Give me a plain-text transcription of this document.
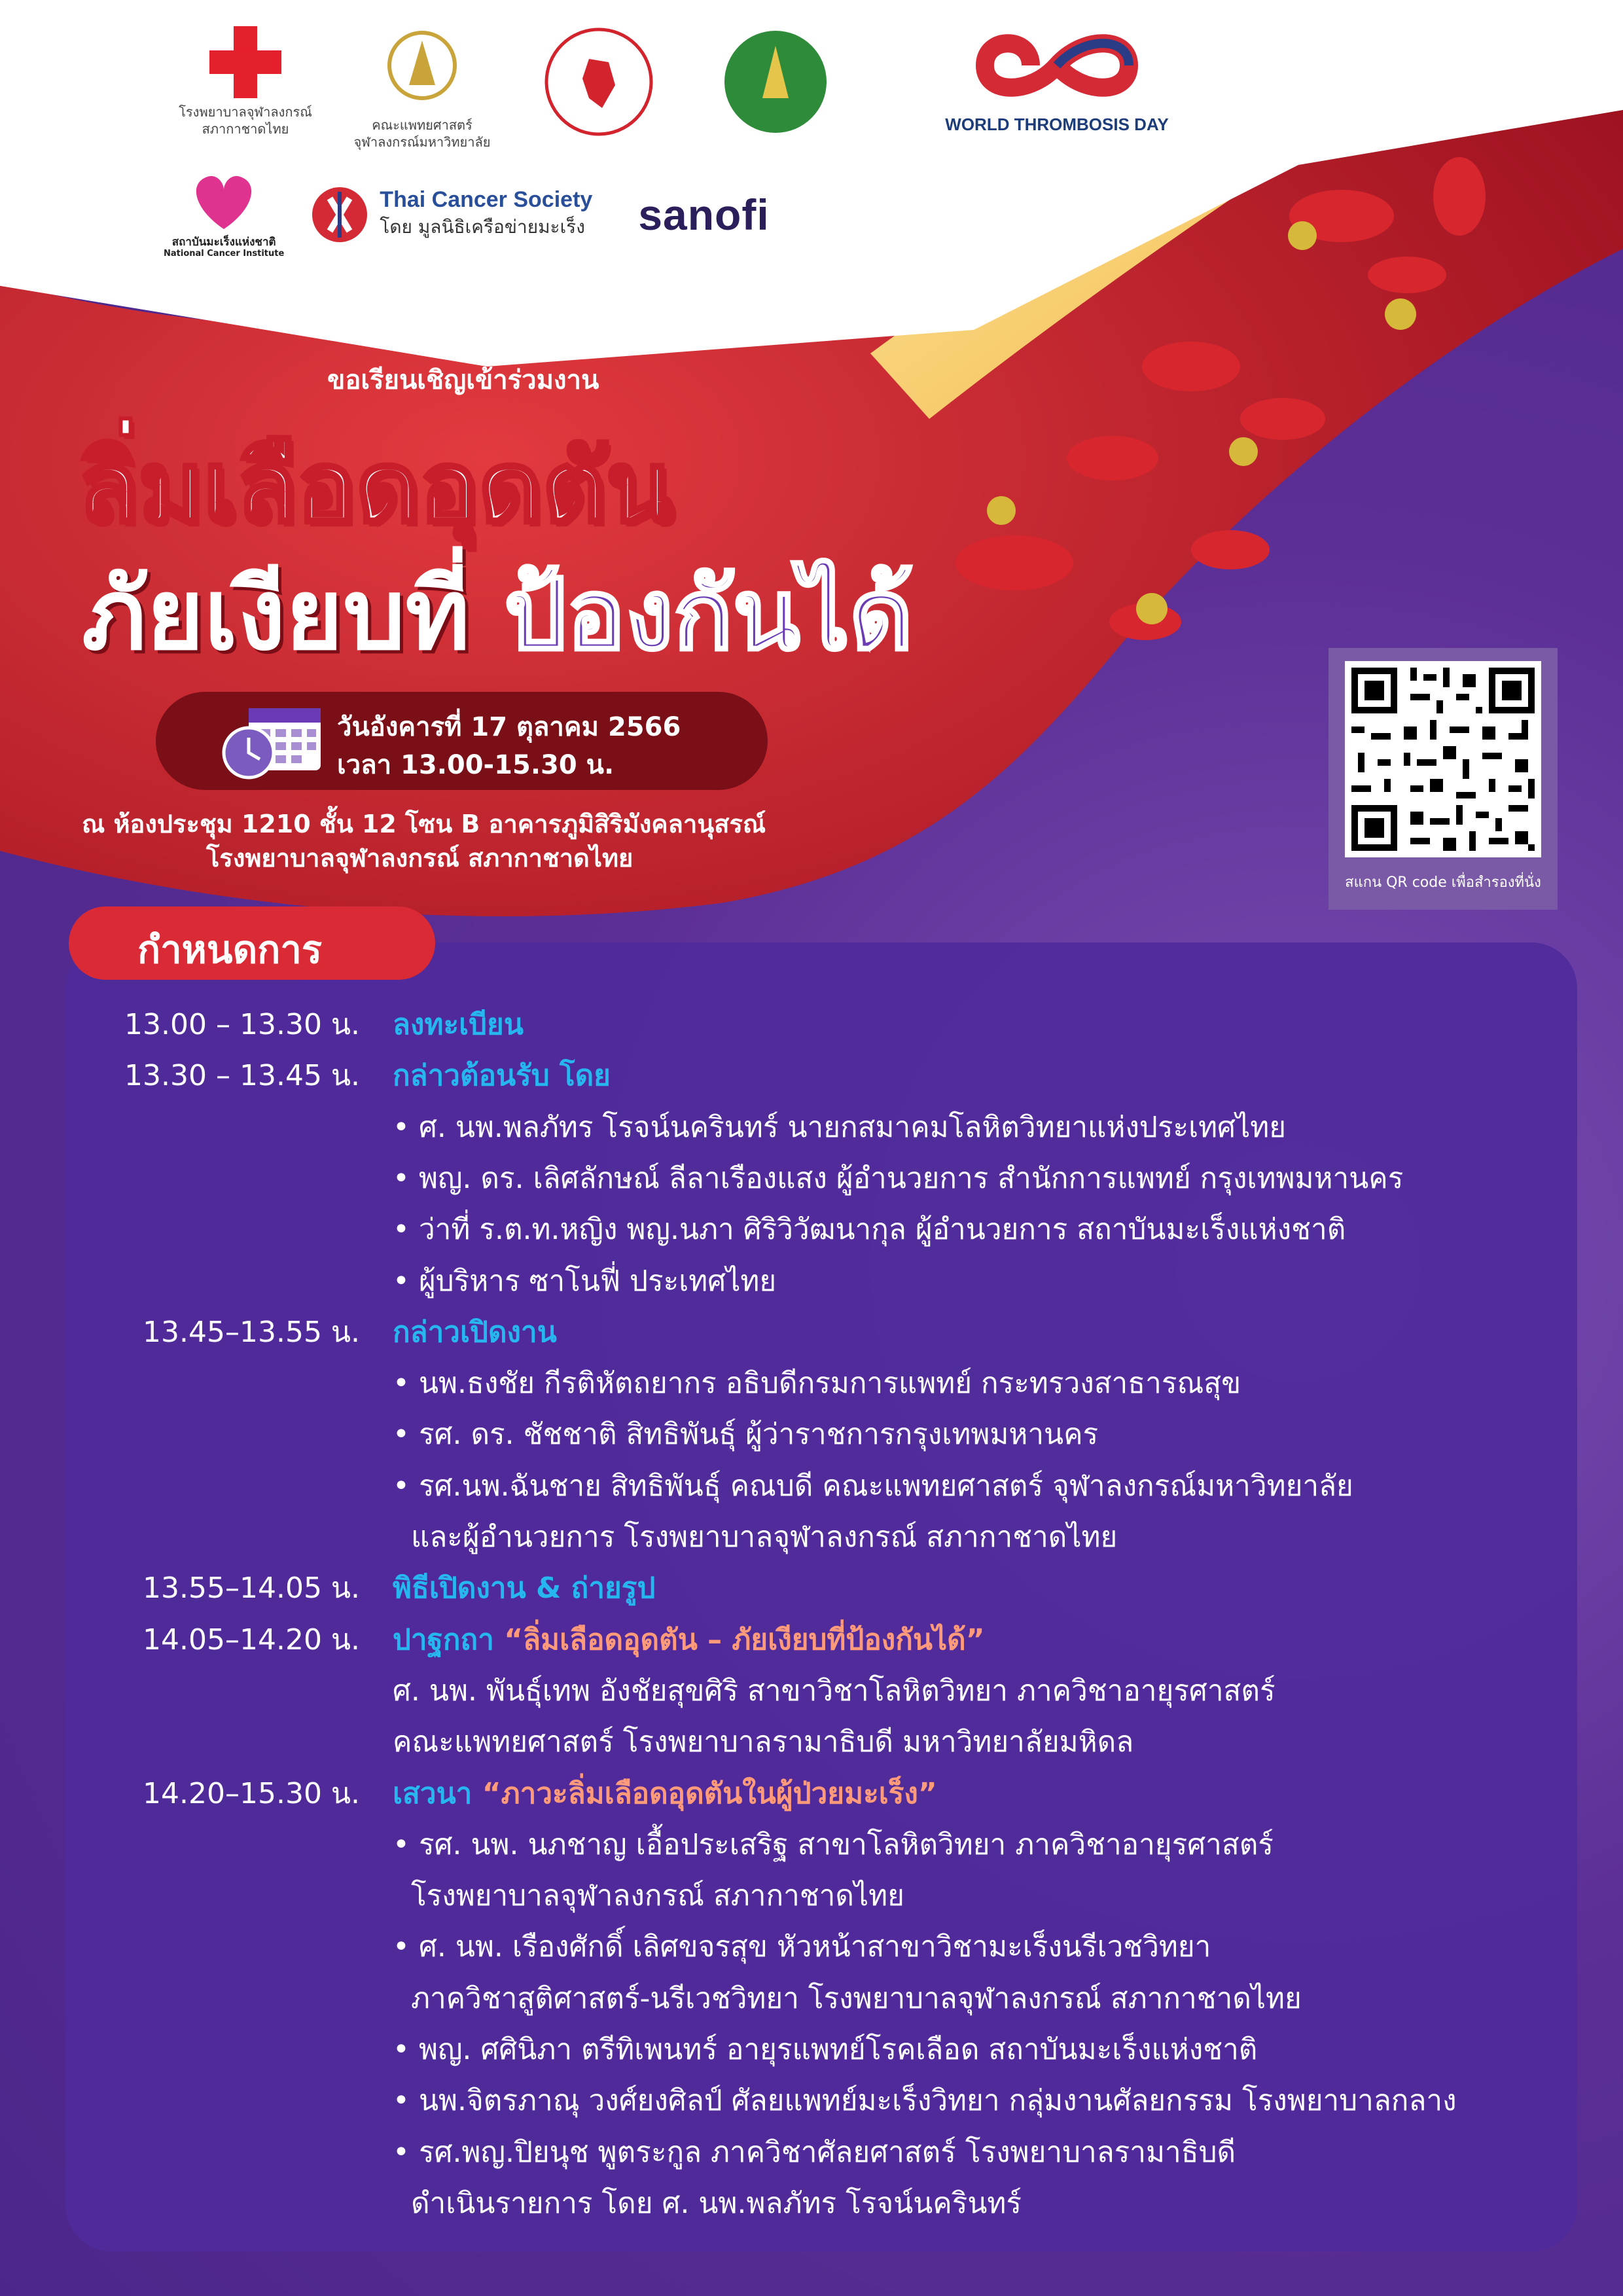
โรงพยาบาลจุฬาลงกรณ์ สภากาชาดไทย	คณะแพทยศาสตร์ จุฬาลงกรณ์มหาวิทยาลัย
WORLD THROMBOSIS DAY
สถาบันมะเร็งแห่งชาติ
National Cancer Institute
Thai Cancer Society
โดย มูลนิธิเครือข่ายมะเร็ง sanofi
ขอเรียนเชิญเข้าร่วมงาน
ลิ่มเลือดอุดตัน
ภัยเงียบที่ ป้องกันได้
วันอังคารที่ 17 ตุลาคม 2566
เวลา 13.00-15.30 น.
ณ ห้องประชุม 1210 ชั้น 12 โซน B อาคารภูมิสิริมังคลานุสรณ์
โรงพยาบาลจุฬาลงกรณ์ สภากาชาดไทย
สแกน QR code เพื่อสำรองที่นั่ง
กำหนดการ
13.00 – 13.30 น. ลงทะเบียน
13.30 – 13.45 น. กล่าวต้อนรับ โดย
• ศ. นพ.พลภัทร โรจน์นครินทร์ นายกสมาคมโลหิตวิทยาแห่งประเทศไทย
• พญ. ดร. เลิศลักษณ์ ลีลาเรืองแสง ผู้อำนวยการ สำนักการแพทย์ กรุงเทพมหานคร
• ว่าที่ ร.ต.ท.หญิง พญ.นภา ศิริวิวัฒนากุล ผู้อำนวยการ สถาบันมะเร็งแห่งชาติ
• ผู้บริหาร ซาโนฟี่ ประเทศไทย
13.45–13.55 น. กล่าวเปิดงาน
• นพ.ธงชัย กีรติหัตถยากร อธิบดีกรมการแพทย์ กระทรวงสาธารณสุข
• รศ. ดร. ชัชชาติ สิทธิพันธุ์ ผู้ว่าราชการกรุงเทพมหานคร
• รศ.นพ.ฉันชาย สิทธิพันธุ์ คณบดี คณะแพทยศาสตร์ จุฬาลงกรณ์มหาวิทยาลัย
และผู้อำนวยการ โรงพยาบาลจุฬาลงกรณ์ สภากาชาดไทย
13.55–14.05 น. พิธีเปิดงาน & ถ่ายรูป
14.05–14.20 น. ปาฐกถา “ลิ่มเลือดอุดตัน – ภัยเงียบที่ป้องกันได้”
ศ. นพ. พันธุ์เทพ อังชัยสุขศิริ สาขาวิชาโลหิตวิทยา ภาควิชาอายุรศาสตร์
คณะแพทยศาสตร์ โรงพยาบาลรามาธิบดี มหาวิทยาลัยมหิดล
14.20–15.30 น. เสวนา “ภาวะลิ่มเลือดอุดตันในผู้ป่วยมะเร็ง”
• รศ. นพ. นภชาญ เอื้อประเสริฐ สาขาโลหิตวิทยา ภาควิชาอายุรศาสตร์
โรงพยาบาลจุฬาลงกรณ์ สภากาชาดไทย
• ศ. นพ. เรืองศักดิ์ เลิศขจรสุข หัวหน้าสาขาวิชามะเร็งนรีเวชวิทยา
ภาควิชาสูติศาสตร์-นรีเวชวิทยา โรงพยาบาลจุฬาลงกรณ์ สภากาชาดไทย
• พญ. ศศินิภา ตรีทิเพนทร์ อายุรแพทย์โรคเลือด สถาบันมะเร็งแห่งชาติ
• นพ.จิตรภาณุ วงศ์ยงศิลป์ ศัลยแพทย์มะเร็งวิทยา กลุ่มงานศัลยกรรม โรงพยาบาลกลาง
• รศ.พญ.ปิยนุช พูตระกูล ภาควิชาศัลยศาสตร์ โรงพยาบาลรามาธิบดี
ดำเนินรายการ โดย ศ. นพ.พลภัทร โรจน์นครินทร์
